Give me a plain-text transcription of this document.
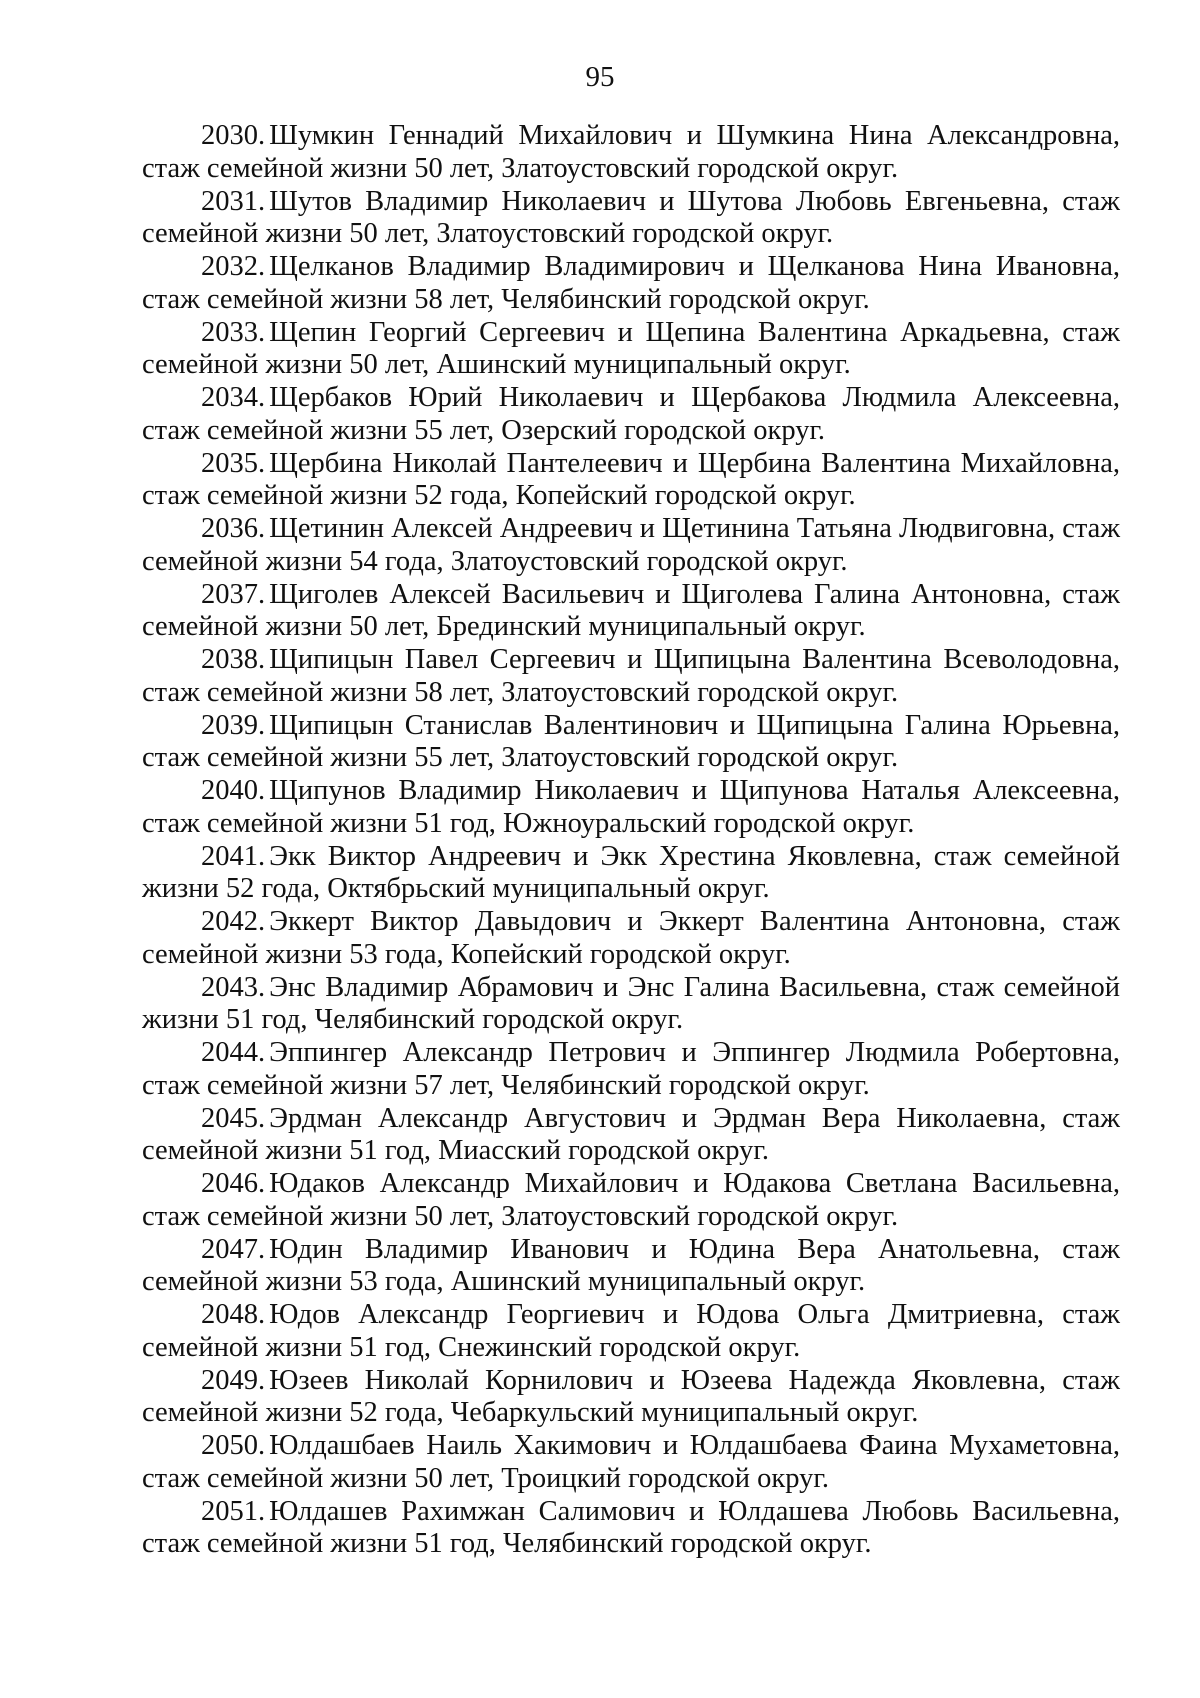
95

2030. Шумкин Геннадий Михайлович и Шумкина Нина Александровна, стаж семейной жизни 50 лет, Златоустовский городской округ.

2031. Шутов Владимир Николаевич и Шутова Любовь Евгеньевна, стаж семейной жизни 50 лет, Златоустовский городской округ.

2032. Щелканов Владимир Владимирович и Щелканова Нина Ивановна, стаж семейной жизни 58 лет, Челябинский городской округ.

2033. Щепин Георгий Сергеевич и Щепина Валентина Аркадьевна, стаж семейной жизни 50 лет, Ашинский муниципальный округ.

2034. Щербаков Юрий Николаевич и Щербакова Людмила Алексеевна, стаж семейной жизни 55 лет, Озерский городской округ.

2035. Щербина Николай Пантелеевич и Щербина Валентина Михайловна, стаж семейной жизни 52 года, Копейский городской округ.

2036. Щетинин Алексей Андреевич и Щетинина Татьяна Людвиговна, стаж семейной жизни 54 года, Златоустовский городской округ.

2037. Щиголев Алексей Васильевич и Щиголева Галина Антоновна, стаж семейной жизни 50 лет, Брединский муниципальный округ.

2038. Щипицын Павел Сергеевич и Щипицына Валентина Всеволодовна, стаж семейной жизни 58 лет, Златоустовский городской округ.

2039. Щипицын Станислав Валентинович и Щипицына Галина Юрьевна, стаж семейной жизни 55 лет, Златоустовский городской округ.

2040. Щипунов Владимир Николаевич и Щипунова Наталья Алексеевна, стаж семейной жизни 51 год, Южноуральский городской округ.

2041. Экк Виктор Андреевич и Экк Хрестина Яковлевна, стаж семейной жизни 52 года, Октябрьский муниципальный округ.

2042. Эккерт Виктор Давыдович и Эккерт Валентина Антоновна, стаж семейной жизни 53 года, Копейский городской округ.

2043. Энс Владимир Абрамович и Энс Галина Васильевна, стаж семейной жизни 51 год, Челябинский городской округ.

2044. Эппингер Александр Петрович и Эппингер Людмила Робертовна, стаж семейной жизни 57 лет, Челябинский городской округ.

2045. Эрдман Александр Августович и Эрдман Вера Николаевна, стаж семейной жизни 51 год, Миасский городской округ.

2046. Юдаков Александр Михайлович и Юдакова Светлана Васильевна, стаж семейной жизни 50 лет, Златоустовский городской округ.

2047. Юдин Владимир Иванович и Юдина Вера Анатольевна, стаж семейной жизни 53 года, Ашинский муниципальный округ.

2048. Юдов Александр Георгиевич и Юдова Ольга Дмитриевна, стаж семейной жизни 51 год, Снежинский городской округ.

2049. Юзеев Николай Корнилович и Юзеева Надежда Яковлевна, стаж семейной жизни 52 года, Чебаркульский муниципальный округ.

2050. Юлдашбаев Наиль Хакимович и Юлдашбаева Фаина Мухаметовна, стаж семейной жизни 50 лет, Троицкий городской округ.

2051. Юлдашев Рахимжан Салимович и Юлдашева Любовь Васильевна, стаж семейной жизни 51 год, Челябинский городской округ.
